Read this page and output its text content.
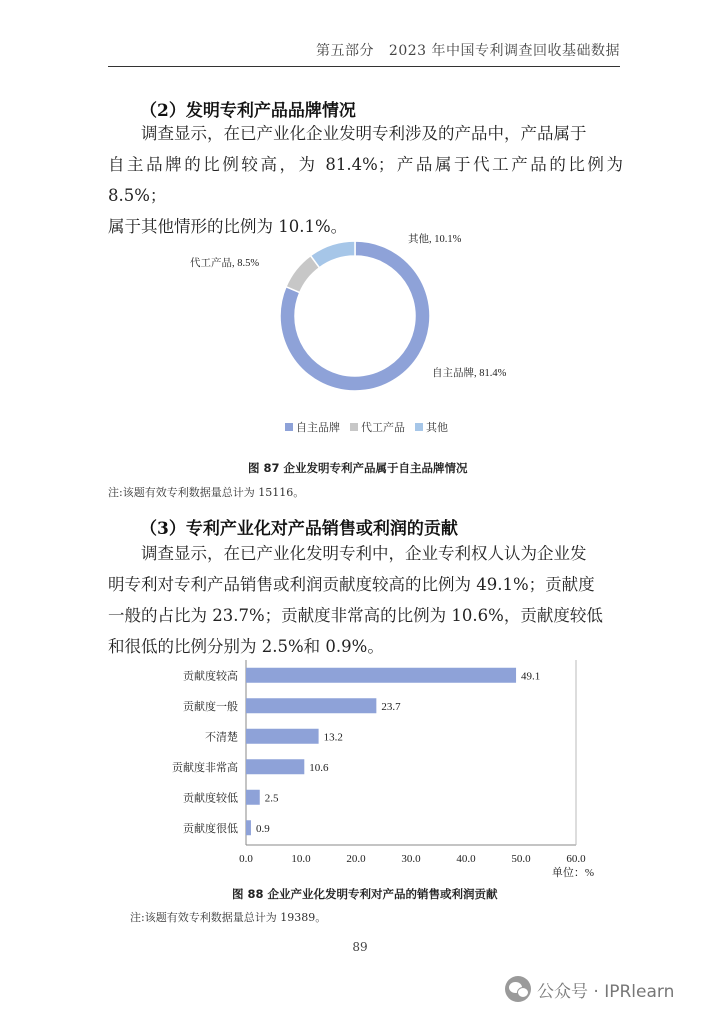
第五部分 2023 年中国专利调查回收基础数据
（2）发明专利产品品牌情况
调查显示，在已产业化企业发明专利涉及的产品中，产品属于
自主品牌的比例较高，为 81.4%；产品属于代工产品的比例为 8.5%；
属于其他情形的比例为 10.1%。
自主品牌, 81.4%
代工产品, 8.5%
其他, 10.1%
自主品牌 代工产品 其他
图 87 企业发明专利产品属于自主品牌情况
注:该题有效专利数据量总计为 15116。
（3）专利产业化对产品销售或利润的贡献
调查显示，在已产业化发明专利中，企业专利权人认为企业发
明专利对专利产品销售或利润贡献度较高的比例为 49.1%；贡献度
一般的占比为 23.7%；贡献度非常高的比例为 10.6%，贡献度较低
和很低的比例分别为 2.5%和 0.9%。
贡献度较高	49.1
贡献度一般	23.7
不清楚	13.2
贡献度非常高	10.6
贡献度较低 2.5
贡献度很低 0.9
0.0	10.0	20.0	30.0	40.0	50.0	60.0
单位：%
图 88 企业产业化发明专利对产品的销售或利润贡献
注:该题有效专利数据量总计为 19389。
89
公众号 · IPRlearn
